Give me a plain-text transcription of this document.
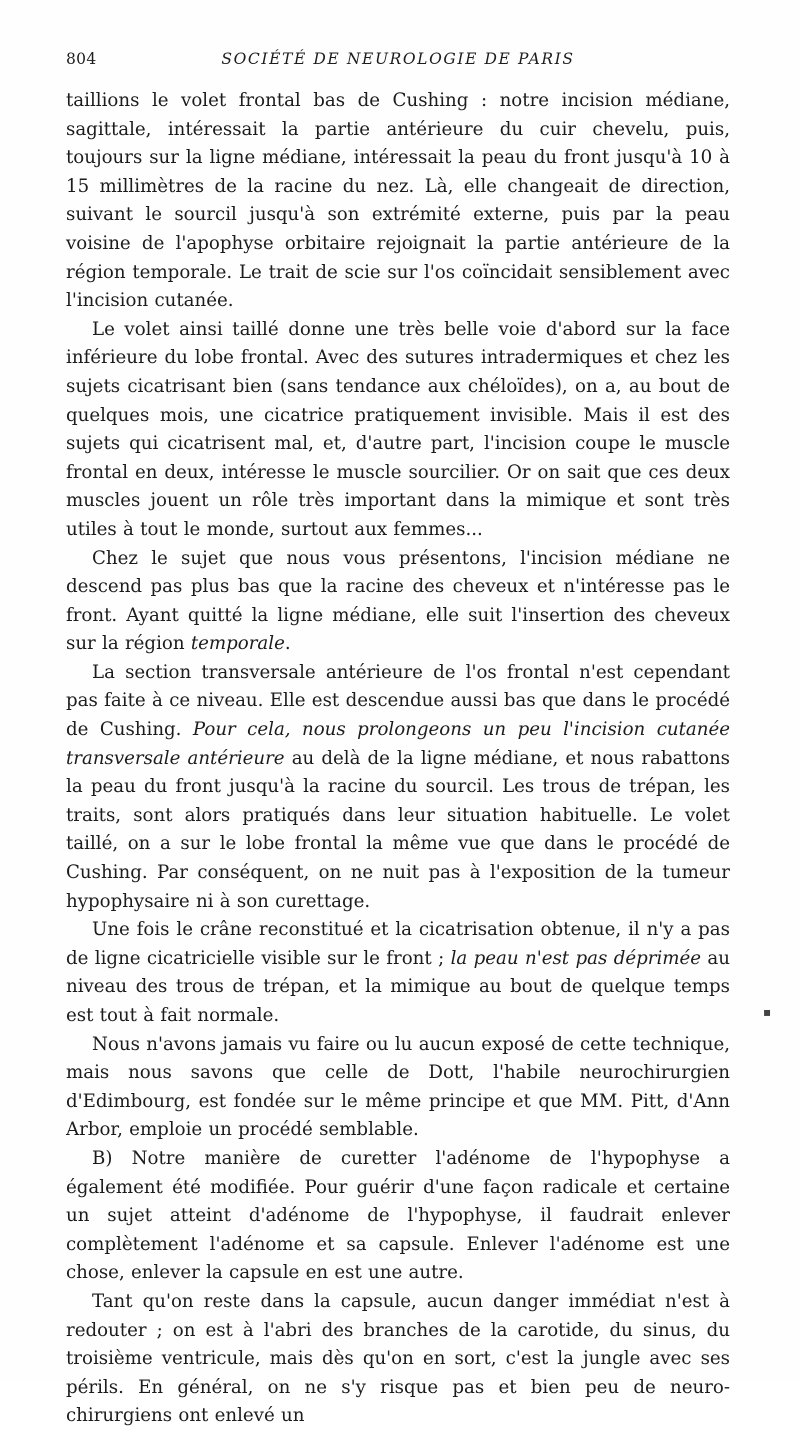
804	SOCIÉTÉ DE NEUROLOGIE DE PARIS

taillions le volet frontal bas de Cushing : notre incision médiane, sagittale, intéressait la partie antérieure du cuir chevelu, puis, toujours sur la ligne médiane, intéressait la peau du front jusqu'à 10 à 15 millimètres de la racine du nez. Là, elle changeait de direction, suivant le sourcil jusqu'à son extrémité externe, puis par la peau voisine de l'apophyse orbitaire rejoignait la partie antérieure de la région temporale. Le trait de scie sur l'os coïncidait sensiblement avec l'incision cutanée.

Le volet ainsi taillé donne une très belle voie d'abord sur la face inférieure du lobe frontal. Avec des sutures intradermiques et chez les sujets cicatrisant bien (sans tendance aux chéloïdes), on a, au bout de quelques mois, une cicatrice pratiquement invisible. Mais il est des sujets qui cicatrisent mal, et, d'autre part, l'incision coupe le muscle frontal en deux, intéresse le muscle sourcilier. Or on sait que ces deux muscles jouent un rôle très important dans la mimique et sont très utiles à tout le monde, surtout aux femmes...

Chez le sujet que nous vous présentons, l'incision médiane ne descend pas plus bas que la racine des cheveux et n'intéresse pas le front. Ayant quitté la ligne médiane, elle suit l'insertion des cheveux sur la région temporale.

La section transversale antérieure de l'os frontal n'est cependant pas faite à ce niveau. Elle est descendue aussi bas que dans le procédé de Cushing. Pour cela, nous prolongeons un peu l'incision cutanée transversale antérieure au delà de la ligne médiane, et nous rabattons la peau du front jusqu'à la racine du sourcil. Les trous de trépan, les traits, sont alors pratiqués dans leur situation habituelle. Le volet taillé, on a sur le lobe frontal la même vue que dans le procédé de Cushing. Par conséquent, on ne nuit pas à l'exposition de la tumeur hypophysaire ni à son curettage.

Une fois le crâne reconstitué et la cicatrisation obtenue, il n'y a pas de ligne cicatricielle visible sur le front ; la peau n'est pas déprimée au niveau des trous de trépan, et la mimique au bout de quelque temps est tout à fait normale.

Nous n'avons jamais vu faire ou lu aucun exposé de cette technique, mais nous savons que celle de Dott, l'habile neurochirurgien d'Edimbourg, est fondée sur le même principe et que MM. Pitt, d'Ann Arbor, emploie un procédé semblable.

B) Notre manière de curetter l'adénome de l'hypophyse a également été modifiée. Pour guérir d'une façon radicale et certaine un sujet atteint d'adénome de l'hypophyse, il faudrait enlever complètement l'adénome et sa capsule. Enlever l'adénome est une chose, enlever la capsule en est une autre.

Tant qu'on reste dans la capsule, aucun danger immédiat n'est à redouter ; on est à l'abri des branches de la carotide, du sinus, du troisième ventricule, mais dès qu'on en sort, c'est la jungle avec ses périls. En général, on ne s'y risque pas et bien peu de neuro-chirurgiens ont enlevé un

▪
